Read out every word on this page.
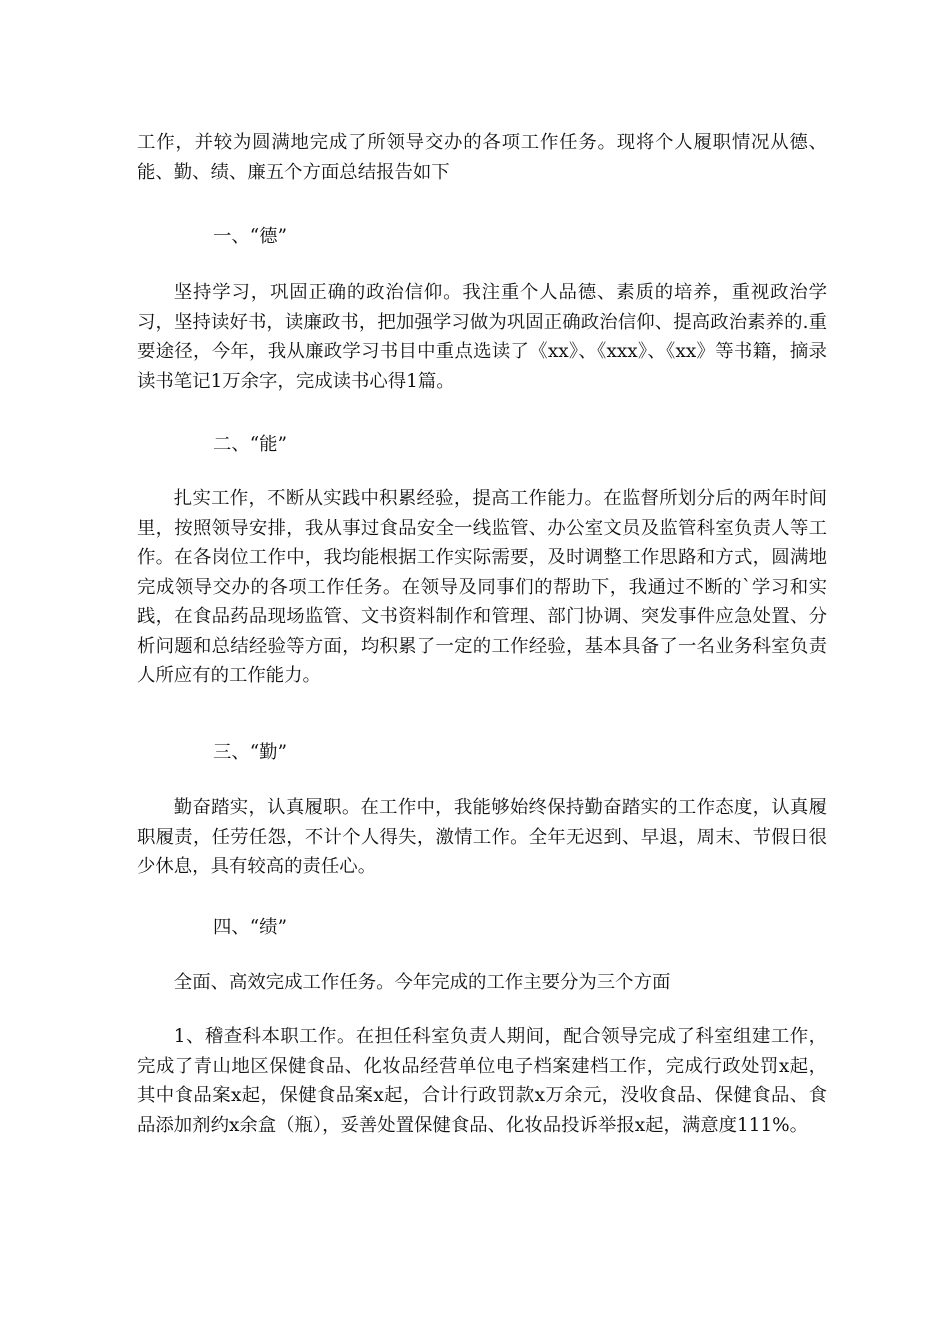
工作，并较为圆满地完成了所领导交办的各项工作任务。现将个人履职情况从德、能、勤、绩、廉五个方面总结报告如下

一、“德”

坚持学习，巩固正确的政治信仰。我注重个人品德、素质的培养，重视政治学习，坚持读好书，读廉政书，把加强学习做为巩固正确政治信仰、提高政治素养的.重要途径，今年，我从廉政学习书目中重点选读了《xx》、《xxx》、《xx》等书籍，摘录读书笔记1万余字，完成读书心得1篇。

二、“能”

扎实工作，不断从实践中积累经验，提高工作能力。在监督所划分后的两年时间里，按照领导安排，我从事过食品安全一线监管、办公室文员及监管科室负责人等工作。在各岗位工作中，我均能根据工作实际需要，及时调整工作思路和方式，圆满地完成领导交办的各项工作任务。在领导及同事们的帮助下，我通过不断的`学习和实践，在食品药品现场监管、文书资料制作和管理、部门协调、突发事件应急处置、分析问题和总结经验等方面，均积累了一定的工作经验，基本具备了一名业务科室负责人所应有的工作能力。

三、“勤”

勤奋踏实，认真履职。在工作中，我能够始终保持勤奋踏实的工作态度，认真履职履责，任劳任怨，不计个人得失，激情工作。全年无迟到、早退，周末、节假日很少休息，具有较高的责任心。

四、“绩”

全面、高效完成工作任务。今年完成的工作主要分为三个方面

1、稽查科本职工作。在担任科室负责人期间，配合领导完成了科室组建工作，完成了青山地区保健食品、化妆品经营单位电子档案建档工作，完成行政处罚x起，其中食品案x起，保健食品案x起，合计行政罚款x万余元，没收食品、保健食品、食品添加剂约x余盒（瓶），妥善处置保健食品、化妆品投诉举报x起，满意度111%。
